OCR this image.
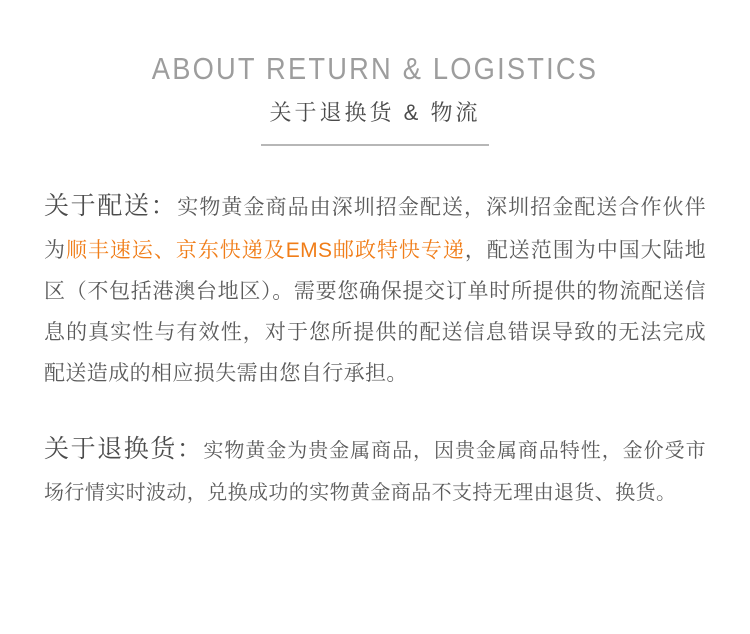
ABOUT RETURN & LOGISTICS
关于退换货 & 物流

关于配送：实物黄金商品由深圳招金配送，深圳招金配送合作伙伴为顺丰速运、京东快递及EMS邮政特快专递，配送范围为中国大陆地区（不包括港澳台地区）。需要您确保提交订单时所提供的物流配送信息的真实性与有效性，对于您所提供的配送信息错误导致的无法完成配送造成的相应损失需由您自行承担。

关于退换货：实物黄金为贵金属商品，因贵金属商品特性，金价受市场行情实时波动，兑换成功的实物黄金商品不支持无理由退货、换货。
